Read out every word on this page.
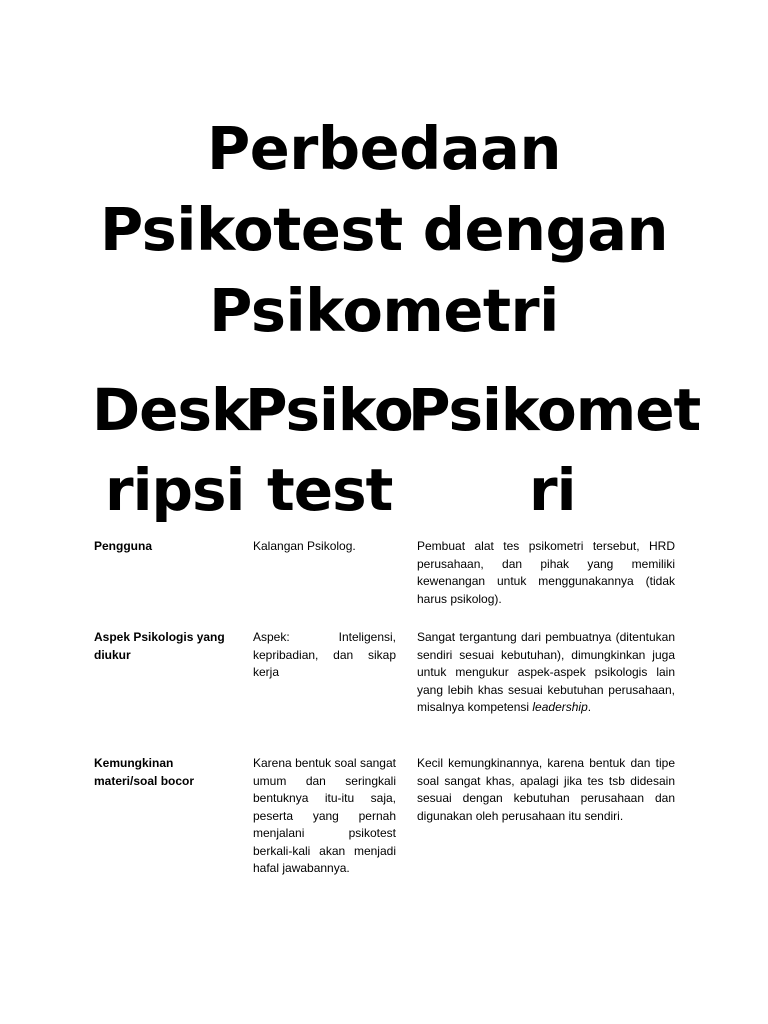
Perbedaan
Psikotest dengan
Psikometri
Desk
ripsi
Psiko
test
Psikomet
ri
Pengguna	Kalangan Psikolog.	Pembuat alat tes psikometri tersebut, HRD perusahaan, dan pihak yang memiliki kewenangan untuk menggunakannya (tidak harus psikolog).
Aspek Psikologis yang diukur
Aspek: Inteligensi, kepribadian, dan sikap kerja
Sangat tergantung dari pembuatnya (ditentukan sendiri sesuai kebutuhan), dimungkinkan juga untuk mengukur aspek-aspek psikologis lain yang lebih khas sesuai kebutuhan perusahaan, misalnya kompetensi leadership.
Kemungkinan materi/soal bocor
Karena bentuk soal sangat umum dan seringkali bentuknya itu-itu saja, peserta yang pernah menjalani psikotest berkali-kali akan menjadi hafal jawabannya.
Kecil kemungkinannya, karena bentuk dan tipe soal sangat khas, apalagi jika tes tsb didesain sesuai dengan kebutuhan perusahaan dan digunakan oleh perusahaan itu sendiri.
